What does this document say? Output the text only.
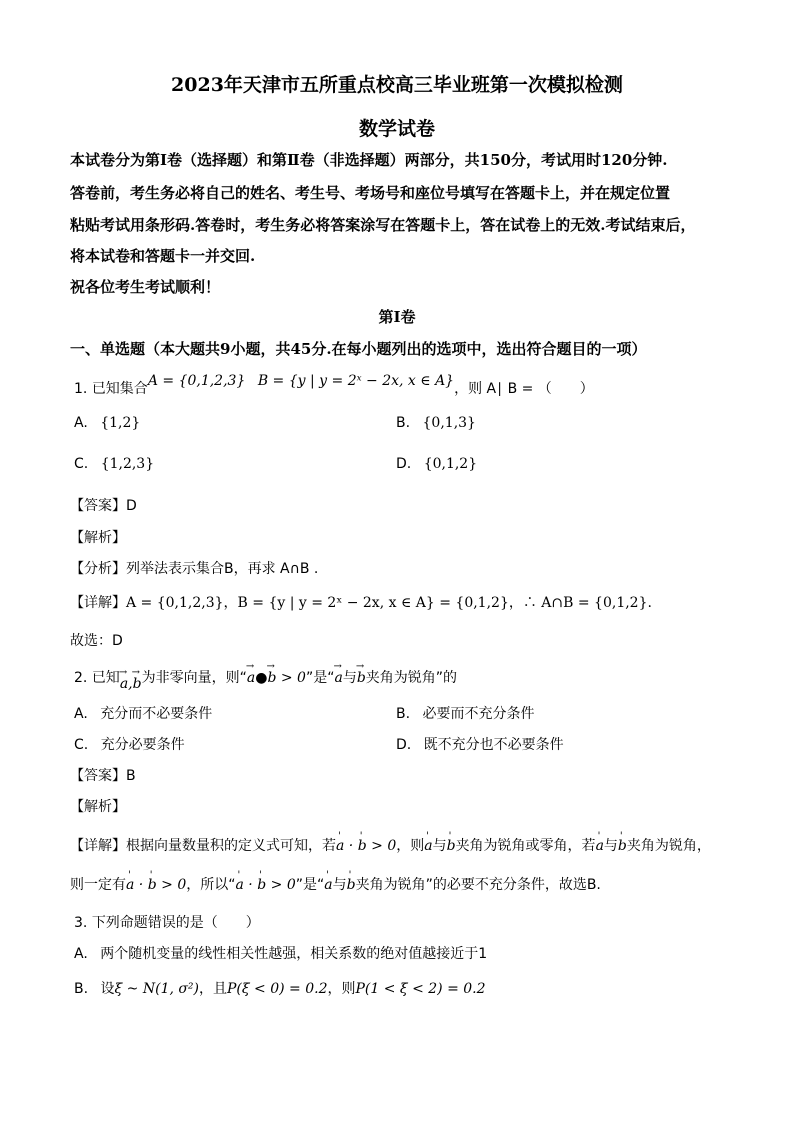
2023年天津市五所重点校高三毕业班第一次模拟检测
数学试卷
本试卷分为第Ⅰ卷（选择题）和第Ⅱ卷（非选择题）两部分，共150分，考试用时120分钟.
答卷前，考生务必将自己的姓名、考生号、考场号和座位号填写在答题卡上，并在规定位置
粘贴考试用条形码.答卷时，考生务必将答案涂写在答题卡上，答在试卷上的无效.考试结束后，
将本试卷和答题卡一并交回.
祝各位考生考试顺利！
第Ⅰ卷
一、单选题（本大题共9小题，共45分.在每小题列出的选项中，选出符合题目的一项）
1. 已知集合A = {0,1,2,3} B = {y | y = 2ˣ − 2x, x ∈ A}，则 A∣ B = （　　）
A. {1,2}	B. {0,1,3}
C. {1,2,3}	D. {0,1,2}
【答案】D
【解析】
【分析】列举法表示集合B，再求 A∩B .
【详解】A = {0,1,2,3}，B = {y | y = 2ˣ − 2x, x ∈ A} = {0,1,2}，∴ A∩B = {0,1,2}.
故选：D
2. 已知→ a,→ b为非零向量，则“→ a●→ b > 0”是“→ a与→ b夹角为锐角”的
A. 充分而不必要条件	B. 必要而不充分条件
C. 充分必要条件	D. 既不充分也不必要条件
【答案】B
【解析】
【详解】根据向量数量积的定义式可知，若' a · ' b > 0，则' a与' b夹角为锐角或零角，若' a与' b夹角为锐角，
则一定有' a · ' b > 0，所以“' a · ' b > 0”是“' a与' b夹角为锐角”的必要不充分条件，故选B.
3. 下列命题错误的是（　　）
A. 两个随机变量的线性相关性越强，相关系数的绝对值越接近于1
B. 设ξ ~ N(1, σ²)，且P(ξ < 0) = 0.2，则P(1 < ξ < 2) = 0.2
